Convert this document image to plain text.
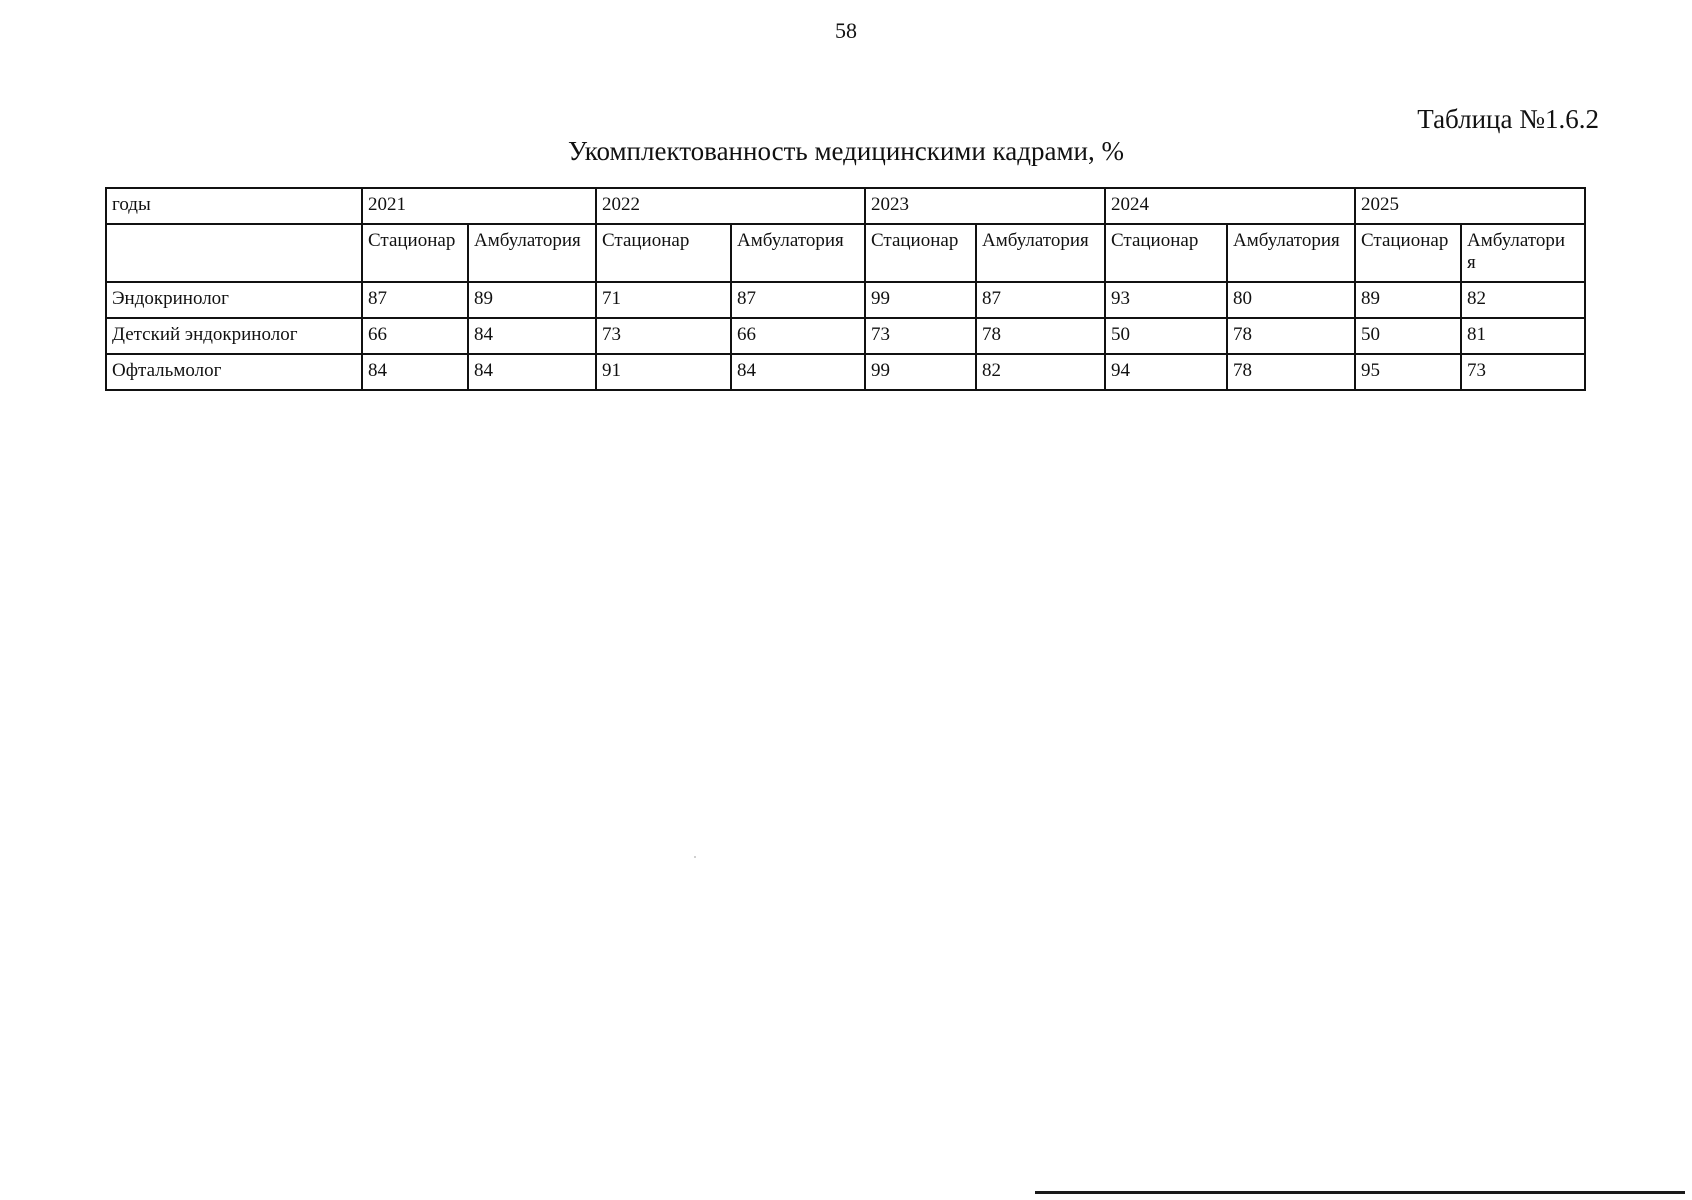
58
Таблица №1.6.2
Укомплектованность медицинскими кадрами, %
годы	2021		2022		2023		2024		2025	
	Стационар	Амбулатория	Стационар	Амбулатория	Стационар	Амбулатория	Стационар	Амбулатория	Стационар	Амбулатори
я
Эндокринолог	87	89	71	87	99	87	93	80	89	82
Детский эндокринолог	66	84	73	66	73	78	50	78	50	81
Офтальмолог	84	84	91	84	99	82	94	78	95	73
